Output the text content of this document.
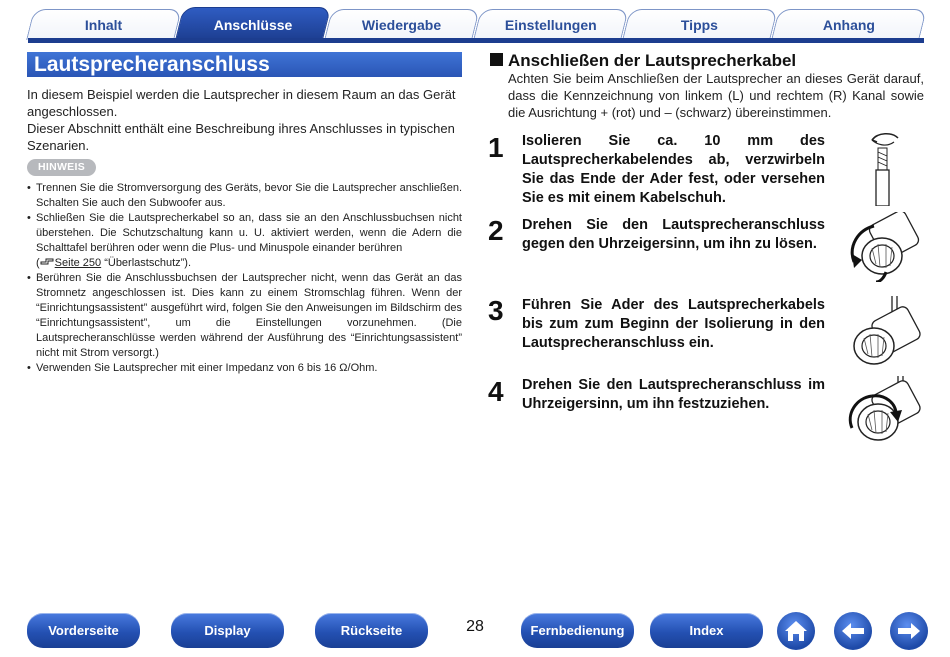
Inhalt	Einstellungen	Tipps	Anhang
Wiedergabe
Anschlüsse
Lautsprecheranschluss

In diesem Beispiel werden die Lautsprecher in diesem Raum an das Gerät angeschlossen.

Dieser Abschnitt enthält eine Beschreibung ihres Anschlusses in typischen Szenarien.

HINWEIS
• Trennen Sie die Stromversorgung des Geräts, bevor Sie die Lautsprecher anschließen. Schalten Sie auch den Subwoofer aus.
• Schließen Sie die Lautsprecherkabel so an, dass sie an den Anschlussbuchsen nicht überstehen. Die Schutzschaltung kann u. U. aktiviert werden, wenn die Adern die Schalttafel berühren oder wenn die Plus- und Minuspole einander berühren
( Seite 250 “Überlastschutz”).
• Berühren Sie die Anschlussbuchsen der Lautsprecher nicht, wenn das Gerät an das Stromnetz angeschlossen ist. Dies kann zu einem Stromschlag führen. Wenn der “Einrichtungsassistent” ausgeführt wird, folgen Sie den Anweisungen im Bildschirm des “Einrichtungsassistent”, um die Einstellungen vorzunehmen. (Die Lautsprecheranschlüsse werden während der Ausführung des “Einrichtungsassistent” nicht mit Strom versorgt.)
• Verwenden Sie Lautsprecher mit einer Impedanz von 6 bis 16 Ω/Ohm.
Anschließen der Lautsprecherkabel
Achten Sie beim Anschließen der Lautsprecher an dieses Gerät darauf, dass die Kennzeichnung von linkem (L) und rechtem (R) Kanal sowie die Ausrichtung + (rot) und – (schwarz) übereinstimmen.
1 Isolieren Sie ca. 10 mm des Lautsprecherkabelendes ab, verzwirbeln Sie das Ende der Ader fest, oder versehen Sie es mit einem Kabelschuh.
2 Drehen Sie den Lautsprecheranschluss gegen den Uhrzeigersinn, um ihn zu lösen.
3 Führen Sie Ader des Lautsprecherkabels bis zum zum Beginn der Isolierung in den Lautsprecheranschluss ein.
4 Drehen Sie den Lautsprecheranschluss im Uhrzeigersinn, um ihn festzuziehen.
Vorderseite	Display	Rückseite	28	Fernbedienung	Index
